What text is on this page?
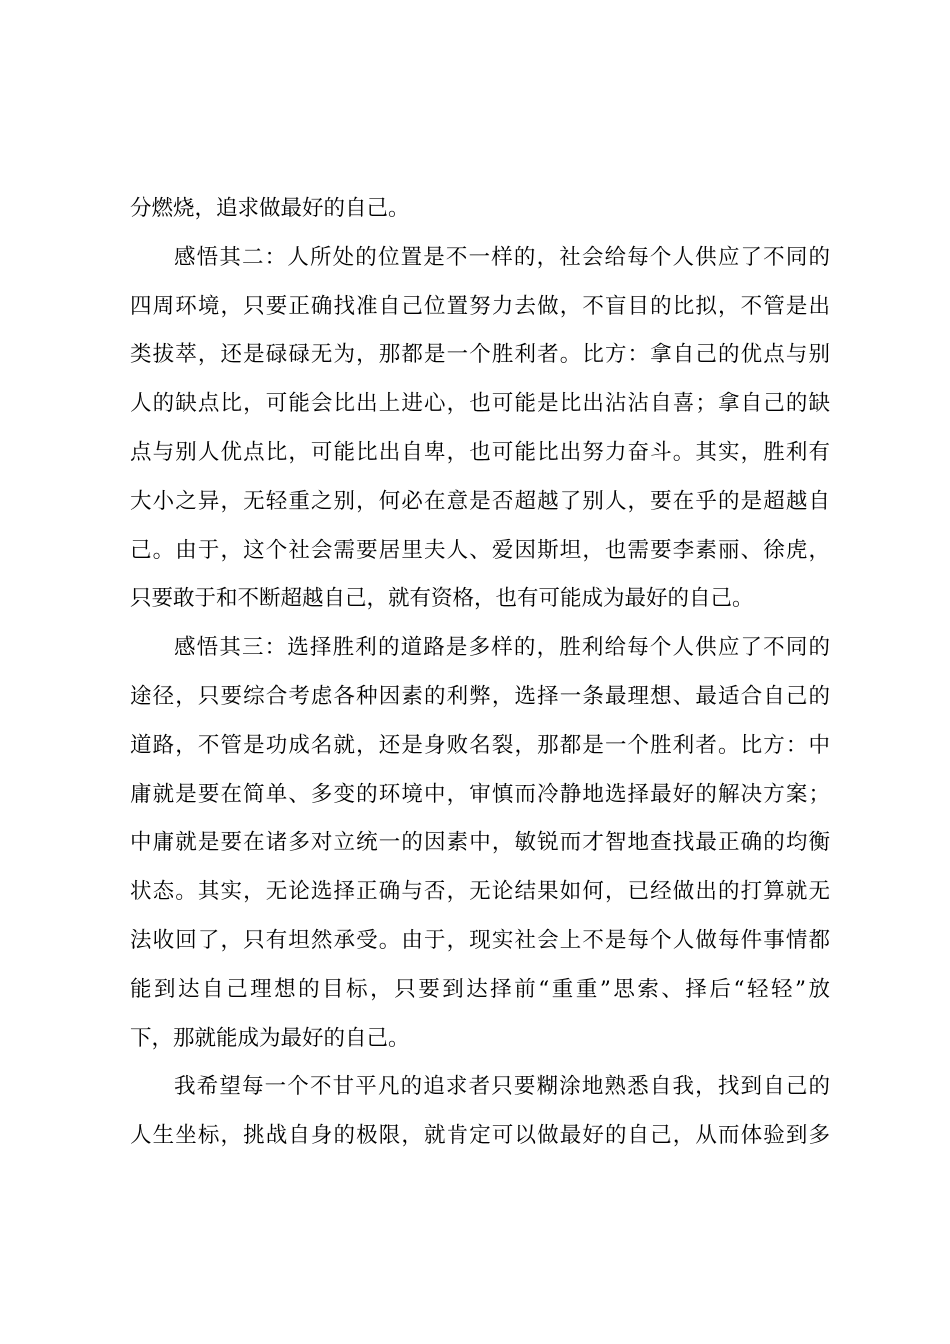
分燃烧，追求做最好的自己。
感悟其二：人所处的位置是不一样的，社会给每个人供应了不同的
四周环境，只要正确找准自己位置努力去做，不盲目的比拟，不管是出
类拔萃，还是碌碌无为，那都是一个胜利者。比方：拿自己的优点与别
人的缺点比，可能会比出上进心，也可能是比出沾沾自喜；拿自己的缺
点与别人优点比，可能比出自卑，也可能比出努力奋斗。其实，胜利有
大小之异，无轻重之别，何必在意是否超越了别人，要在乎的是超越自
己。由于，这个社会需要居里夫人、爱因斯坦，也需要李素丽、徐虎，
只要敢于和不断超越自己，就有资格，也有可能成为最好的自己。
感悟其三：选择胜利的道路是多样的，胜利给每个人供应了不同的
途径，只要综合考虑各种因素的利弊，选择一条最理想、最适合自己的
道路，不管是功成名就，还是身败名裂，那都是一个胜利者。比方：中
庸就是要在简单、多变的环境中，审慎而冷静地选择最好的解决方案；
中庸就是要在诸多对立统一的因素中，敏锐而才智地查找最正确的均衡
状态。其实，无论选择正确与否，无论结果如何，已经做出的打算就无
法收回了，只有坦然承受。由于，现实社会上不是每个人做每件事情都
能到达自己理想的目标，只要到达择前“重重”思索、择后“轻轻”放
下，那就能成为最好的自己。
我希望每一个不甘平凡的追求者只要糊涂地熟悉自我，找到自己的
人生坐标，挑战自身的极限，就肯定可以做最好的自己，从而体验到多
